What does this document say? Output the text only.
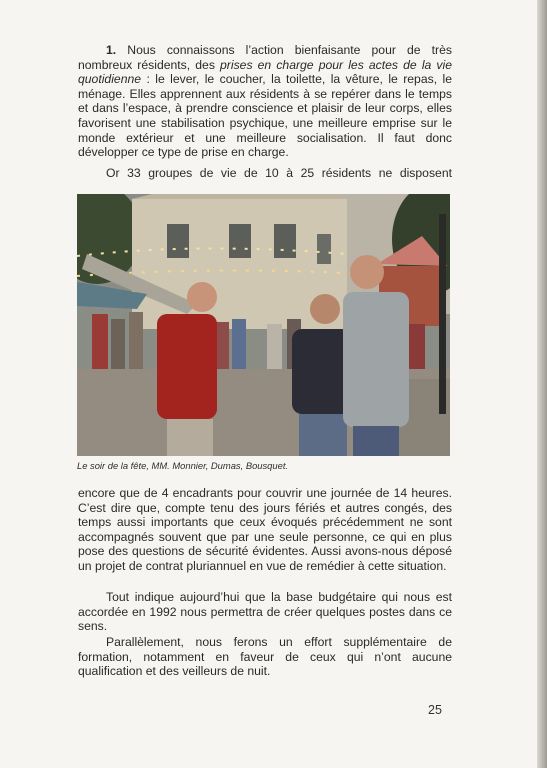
1. Nous connaissons l’action bienfaisante pour de très nombreux résidents, des prises en charge pour les actes de la vie quotidienne : le lever, le coucher, la toilette, la vêture, le repas, le ménage. Elles apprennent aux résidents à se repérer dans le temps et dans l’espace, à prendre conscience et plaisir de leur corps, elles favorisent une stabilisation psychique, une meilleure emprise sur le monde extérieur et une meilleure socialisation. Il faut donc développer ce type de prise en charge.

Or 33 groupes de vie de 10 à 25 résidents ne disposent

Le soir de la fête, MM. Monnier, Dumas, Bousquet.

encore que de 4 encadrants pour couvrir une journée de 14 heures. C’est dire que, compte tenu des jours fériés et autres congés, des temps aussi importants que ceux évoqués précédemment ne sont accompagnés souvent que par une seule personne, ce qui en plus pose des questions de sécurité évidentes. Aussi avons-nous déposé un projet de contrat pluriannuel en vue de remédier à cette situation.

Tout indique aujourd’hui que la base budgétaire qui nous est accordée en 1992 nous permettra de créer quelques postes dans ce sens.

Parallèlement, nous ferons un effort supplémentaire de formation, notamment en faveur de ceux qui n’ont aucune qualification et des veilleurs de nuit.

25
